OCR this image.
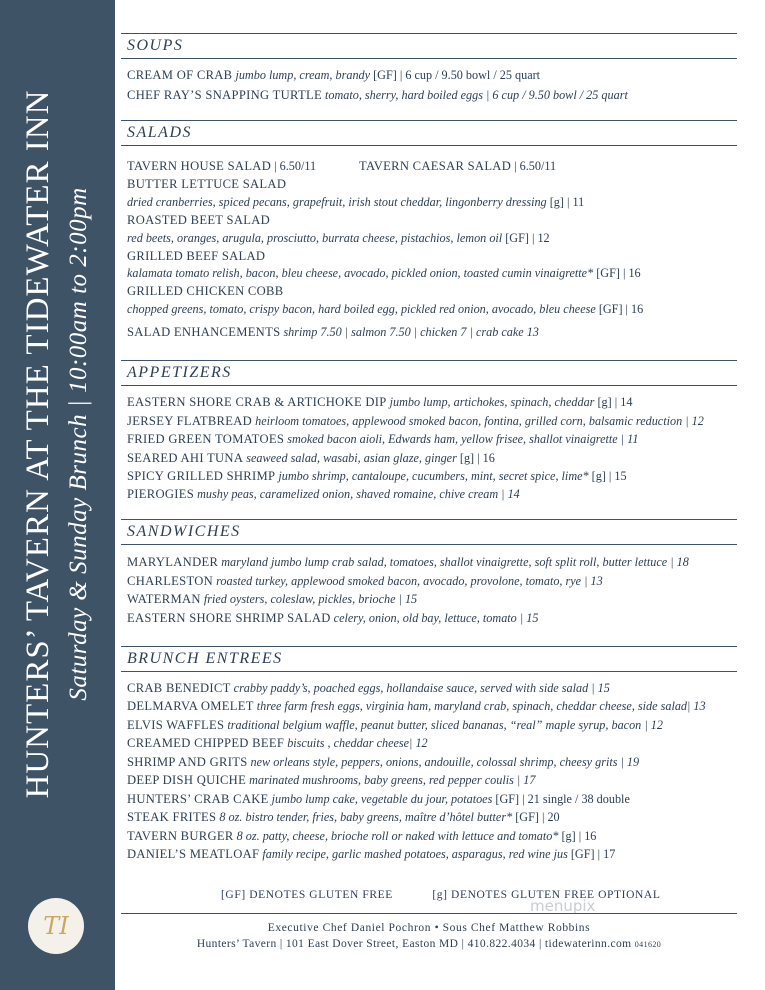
HUNTERS’ TAVERN AT THE TIDEWATER INN Saturday & Sunday Brunch | 10:00am to 2:00pm
TI
SOUPS
CREAM OF CRAB jumbo lump, cream, brandy [GF] | 6 cup / 9.50 bowl / 25 quart
CHEF RAY’S SNAPPING TURTLE tomato, sherry, hard boiled eggs | 6 cup / 9.50 bowl / 25 quart
SALADS
TAVERN HOUSE SALAD | 6.50/11	TAVERN CAESAR SALAD | 6.50/11
BUTTER LETTUCE SALAD
dried cranberries, spiced pecans, grapefruit, irish stout cheddar, lingonberry dressing [g] | 11
ROASTED BEET SALAD
red beets, oranges, arugula, prosciutto, burrata cheese, pistachios, lemon oil [GF] | 12
GRILLED BEEF SALAD
kalamata tomato relish, bacon, bleu cheese, avocado, pickled onion, toasted cumin vinaigrette* [GF] | 16
GRILLED CHICKEN COBB
chopped greens, tomato, crispy bacon, hard boiled egg, pickled red onion, avocado, bleu cheese [GF] | 16
SALAD ENHANCEMENTS shrimp 7.50 | salmon 7.50 | chicken 7 | crab cake 13
APPETIZERS
EASTERN SHORE CRAB & ARTICHOKE DIP jumbo lump, artichokes, spinach, cheddar [g] | 14
JERSEY FLATBREAD heirloom tomatoes, applewood smoked bacon, fontina, grilled corn, balsamic reduction | 12
FRIED GREEN TOMATOES smoked bacon aioli, Edwards ham, yellow frisee, shallot vinaigrette | 11
SEARED AHI TUNA seaweed salad, wasabi, asian glaze, ginger [g] | 16
SPICY GRILLED SHRIMP jumbo shrimp, cantaloupe, cucumbers, mint, secret spice, lime* [g] | 15
PIEROGIES mushy peas, caramelized onion, shaved romaine, chive cream | 14
SANDWICHES
MARYLANDER maryland jumbo lump crab salad, tomatoes, shallot vinaigrette, soft split roll, butter lettuce | 18
CHARLESTON roasted turkey, applewood smoked bacon, avocado, provolone, tomato, rye | 13
WATERMAN fried oysters, coleslaw, pickles, brioche | 15
EASTERN SHORE SHRIMP SALAD celery, onion, old bay, lettuce, tomato | 15
BRUNCH ENTREES
CRAB BENEDICT crabby paddy’s, poached eggs, hollandaise sauce, served with side salad | 15
DELMARVA OMELET three farm fresh eggs, virginia ham, maryland crab, spinach, cheddar cheese, side salad| 13
ELVIS WAFFLES traditional belgium waffle, peanut butter, sliced bananas, “real” maple syrup, bacon | 12
CREAMED CHIPPED BEEF biscuits , cheddar cheese| 12
SHRIMP AND GRITS new orleans style, peppers, onions, andouille, colossal shrimp, cheesy grits | 19
DEEP DISH QUICHE marinated mushrooms, baby greens, red pepper coulis | 17
HUNTERS’ CRAB CAKE jumbo lump cake, vegetable du jour, potatoes [GF] | 21 single / 38 double
STEAK FRITES 8 oz. bistro tender, fries, baby greens, maître d’hôtel butter* [GF] | 20
TAVERN BURGER 8 oz. patty, cheese, brioche roll or naked with lettuce and tomato* [g] | 16
DANIEL’S MEATLOAF family recipe, garlic mashed potatoes, asparagus, red wine jus [GF] | 17
[GF] DENOTES GLUTEN FREE	[g] DENOTES GLUTEN FREE OPTIONAL
menupix
Executive Chef Daniel Pochron • Sous Chef Matthew Robbins
Hunters’ Tavern | 101 East Dover Street, Easton MD | 410.822.4034 | tidewaterinn.com 041620
